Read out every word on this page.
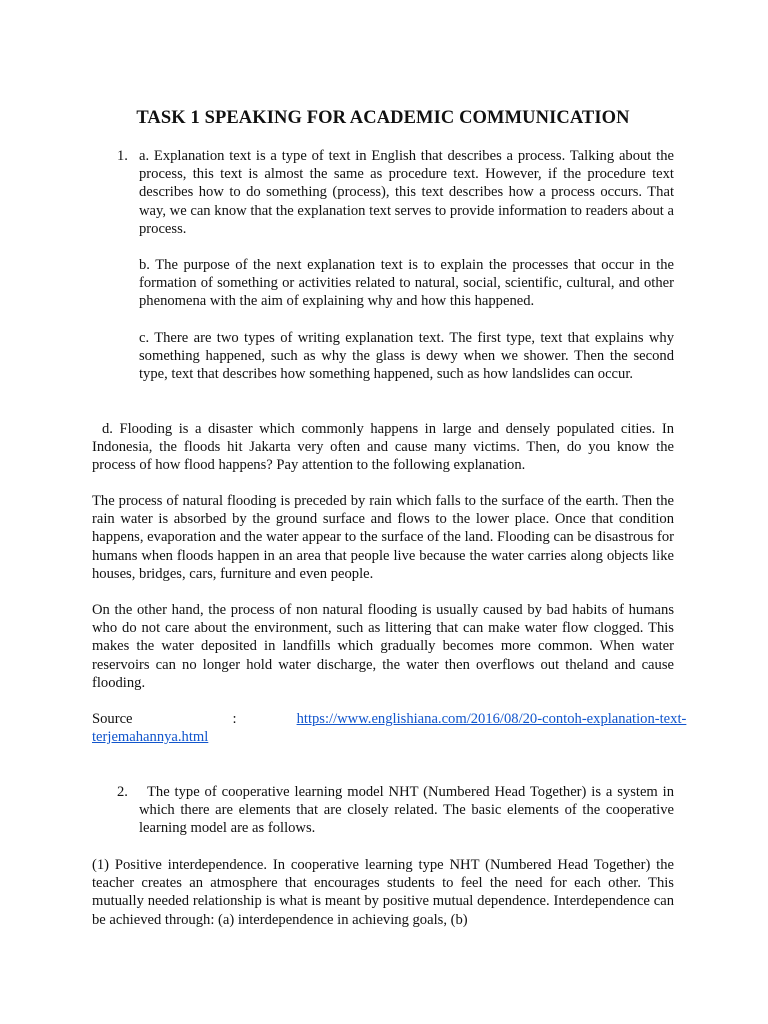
TASK 1 SPEAKING FOR ACADEMIC COMMUNICATION
1. a. Explanation text is a type of text in English that describes a process. Talking about the process, this text is almost the same as procedure text. However, if the procedure text describes how to do something (process), this text describes how a process occurs. That way, we can know that the explanation text serves to provide information to readers about a process.

b. The purpose of the next explanation text is to explain the processes that occur in the formation of something or activities related to natural, social, scientific, cultural, and other phenomena with the aim of explaining why and how this happened.

c. There are two types of writing explanation text. The first type, text that explains why something happened, such as why the glass is dewy when we shower. Then the second type, text that describes how something happened, such as how landslides can occur.

d. Flooding is a disaster which commonly happens in large and densely populated cities. In Indonesia, the floods hit Jakarta very often and cause many victims. Then, do you know the process of how flood happens? Pay attention to the following explanation.

The process of natural flooding is preceded by rain which falls to the surface of the earth. Then the rain water is absorbed by the ground surface and flows to the lower place. Once that condition happens, evaporation and the water appear to the surface of the land. Flooding can be disastrous for humans when floods happen in an area that people live because the water carries along objects like houses, bridges, cars, furniture and even people.

On the other hand, the process of non natural flooding is usually caused by bad habits of humans who do not care about the environment, such as littering that can make water flow clogged. This makes the water deposited in landfills which gradually becomes more common. When water reservoirs can no longer hold water discharge, the water then overflows out theland and cause flooding.

Source	:	https://www.englishiana.com/2016/08/20-contoh-explanation-text-
terjemahannya.html
2.	The type of cooperative learning model NHT (Numbered Head Together) is a system in which there are elements that are closely related. The basic elements of the cooperative learning model are as follows.

(1) Positive interdependence. In cooperative learning type NHT (Numbered Head Together) the teacher creates an atmosphere that encourages students to feel the need for each other. This mutually needed relationship is what is meant by positive mutual dependence. Interdependence can be achieved through: (a) interdependence in achieving goals, (b)
